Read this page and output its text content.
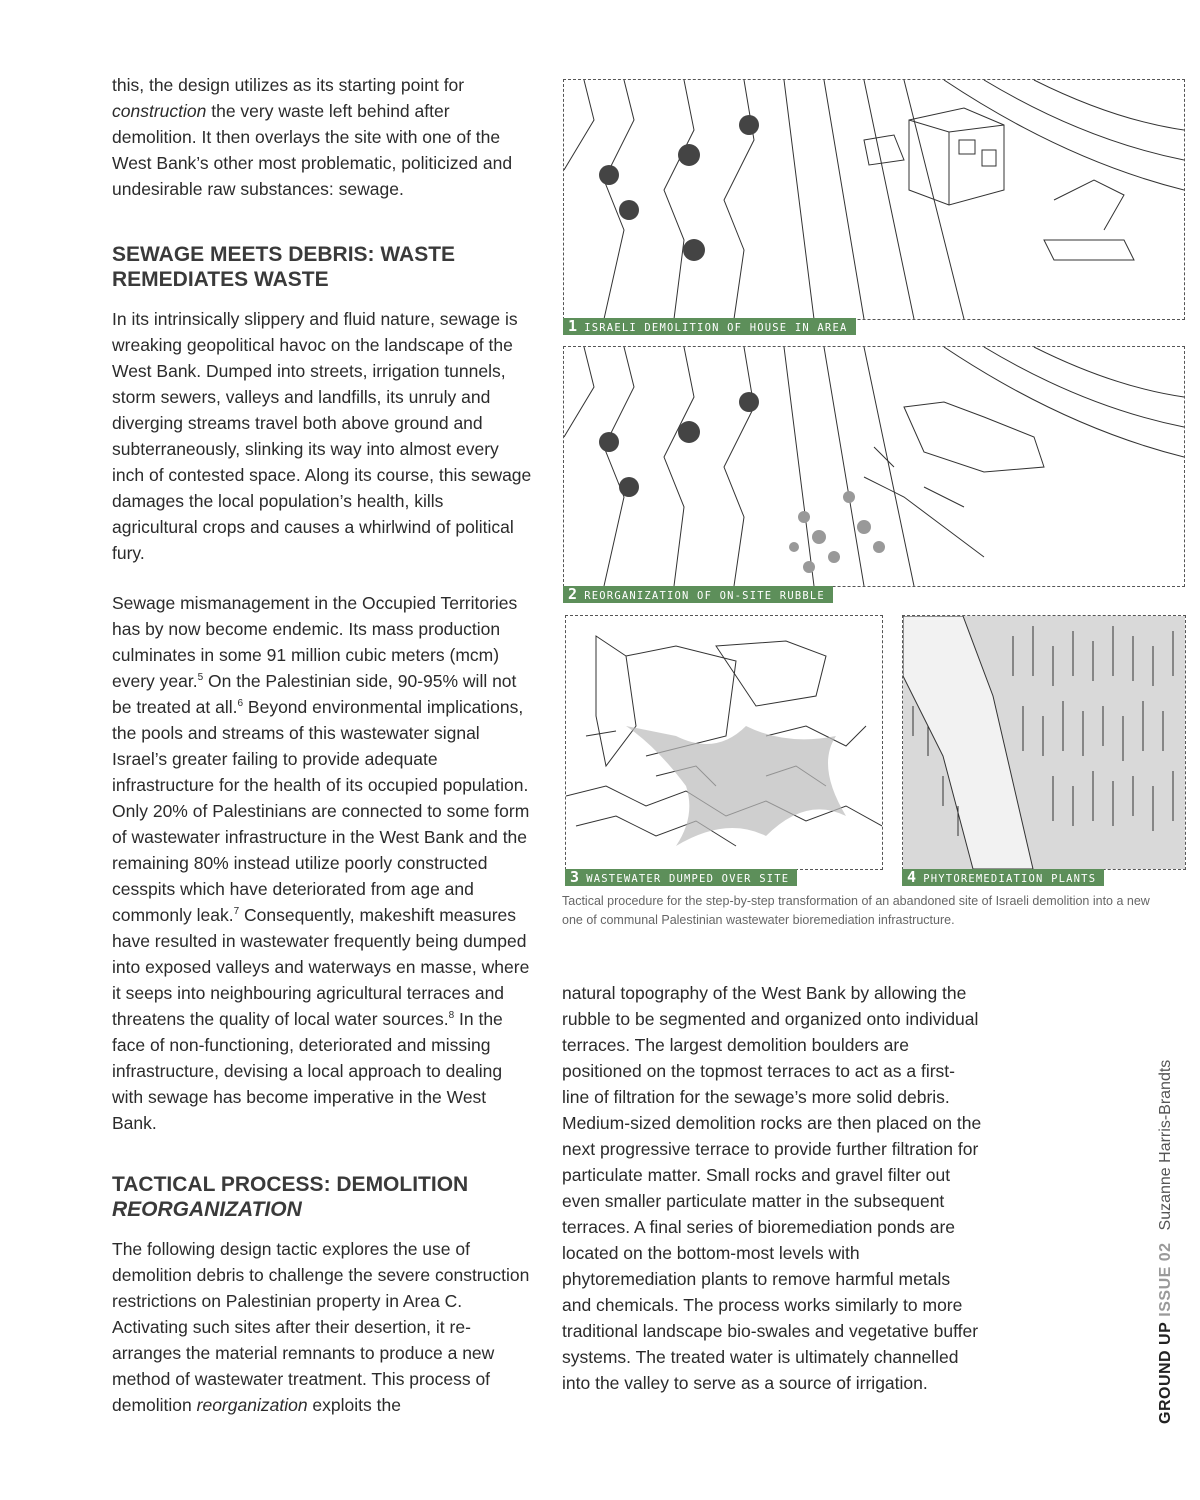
this, the design utilizes as its starting point for construction the very waste left behind after demolition. It then overlays the site with one of the West Bank’s other most problematic, politicized and undesirable raw substances: sewage.

SEWAGE MEETS DEBRIS: WASTE REMEDIATES WASTE

In its intrinsically slippery and fluid nature, sewage is wreaking geopolitical havoc on the landscape of the West Bank. Dumped into streets, irrigation tunnels, storm sewers, valleys and landfills, its unruly and diverging streams travel both above ground and subterraneously, slinking its way into almost every inch of contested space. Along its course, this sewage damages the local population’s health, kills agricultural crops and causes a whirlwind of political fury.

Sewage mismanagement in the Occupied Territories has by now become endemic. Its mass production culminates in some 91 million cubic meters (mcm) every year.$^5$ On the Palestinian side, 90-95% will not be treated at all.$^6$ Beyond environmental implications, the pools and streams of this wastewater signal Israel’s greater failing to provide adequate infrastructure for the health of its occupied population. Only 20% of Palestinians are connected to some form of wastewater infrastructure in the West Bank and the remaining 80% instead utilize poorly constructed cesspits which have deteriorated from age and commonly leak.$^7$ Consequently, makeshift measures have resulted in wastewater frequently being dumped into exposed valleys and waterways en masse, where it seeps into neighbouring agricultural terraces and threatens the quality of local water sources.$^8$ In the face of non-functioning, deteriorated and missing infrastructure, devising a local approach to dealing with sewage has become imperative in the West Bank.

TACTICAL PROCESS: DEMOLITION
REORGANIZATION

The following design tactic explores the use of demolition debris to challenge the severe construction restrictions on Palestinian property in Area C. Activating such sites after their desertion, it re-arranges the material remnants to produce a new method of wastewater treatment. This process of demolition reorganization exploits the

natural topography of the West Bank by allowing the rubble to be segmented and organized onto individual terraces. The largest demolition boulders are positioned on the topmost terraces to act as a first-line of filtration for the sewage’s more solid debris. Medium-sized demolition rocks are then placed on the next progressive terrace to provide further filtration for particulate matter. Small rocks and gravel filter out even smaller particulate matter in the subsequent terraces. A final series of bioremediation ponds are located on the bottom-most levels with phytoremediation plants to remove harmful metals and chemicals. The process works similarly to more traditional landscape bio-swales and vegetative buffer systems. The treated water is ultimately channelled into the valley to serve as a source of irrigation.

1 ISRAELI DEMOLITION OF HOUSE IN AREA
2 REORGANIZATION OF ON-SITE RUBBLE
3 WASTEWATER DUMPED OVER SITE	4 PHYTOREMEDIATION PLANTS
Tactical procedure for the step-by-step transformation of an abandoned site of Israeli demolition into a new one of communal Palestinian wastewater bioremediation infrastructure.
GROUND UPISSUE 02Suzanne Harris-Brandts
